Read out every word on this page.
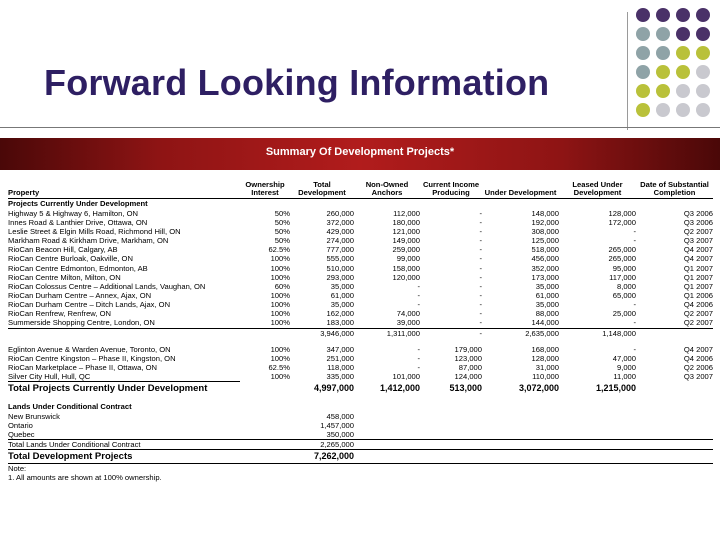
Forward Looking Information
Summary Of Development Projects*
Property	Ownership Interest	Total Development	Non-Owned Anchors	Current Income Producing	Under Development	Leased Under Development	Date of Substantial Completion
Projects Currently Under Development							
Highway 5 & Highway 6, Hamilton, ON	50%	260,000	112,000	-	148,000	128,000	Q3 2006
Innes Road & Lanthier Drive, Ottawa, ON	50%	372,000	180,000	-	192,000	172,000	Q3 2006
Leslie Street & Elgin Mills Road, Richmond Hill, ON	50%	429,000	121,000	-	308,000	-	Q2 2007
Markham Road & Kirkham Drive, Markham, ON	50%	274,000	149,000	-	125,000	-	Q3 2007
RioCan Beacon Hill, Calgary, AB	62.5%	777,000	259,000	-	518,000	265,000	Q4 2007
RioCan Centre Burloak, Oakville, ON	100%	555,000	99,000	-	456,000	265,000	Q4 2007
RioCan Centre Edmonton, Edmonton, AB	100%	510,000	158,000	-	352,000	95,000	Q1 2007
RioCan Centre Milton, Milton, ON	100%	293,000	120,000	-	173,000	117,000	Q1 2007
RioCan Colossus Centre – Additional Lands, Vaughan, ON	60%	35,000	-	-	35,000	8,000	Q1 2007
RioCan Durham Centre – Annex, Ajax, ON	100%	61,000	-	-	61,000	65,000	Q1 2006
RioCan Durham Centre – Ditch Lands, Ajax, ON	100%	35,000	-	-	35,000	-	Q4 2006
RioCan Renfrew, Renfrew, ON	100%	162,000	74,000	-	88,000	25,000	Q2 2007
Summerside Shopping Centre, London, ON	100%	183,000	39,000	-	144,000	-	Q2 2007
		3,946,000	1,311,000	-	2,635,000	1,148,000	

Eglinton Avenue & Warden Avenue, Toronto, ON	100%	347,000	-	179,000	168,000	-	Q4 2007
RioCan Centre Kingston – Phase II, Kingston, ON	100%	251,000	-	123,000	128,000	47,000	Q4 2006
RioCan Marketplace – Phase II, Ottawa, ON	62.5%	118,000	-	87,000	31,000	9,000	Q2 2006
Silver City Hull, Hull, QC	100%	335,000	101,000	124,000	110,000	11,000	Q3 2007
Total Projects Currently Under Development		4,997,000	1,412,000	513,000	3,072,000	1,215,000	

Lands Under Conditional Contract							
New Brunswick		458,000					
Ontario		1,457,000					
Quebec		350,000					
Total Lands Under Conditional Contract		2,265,000					
Total Development Projects		7,262,000					
Note:							
1. All amounts are shown at 100% ownership.							
